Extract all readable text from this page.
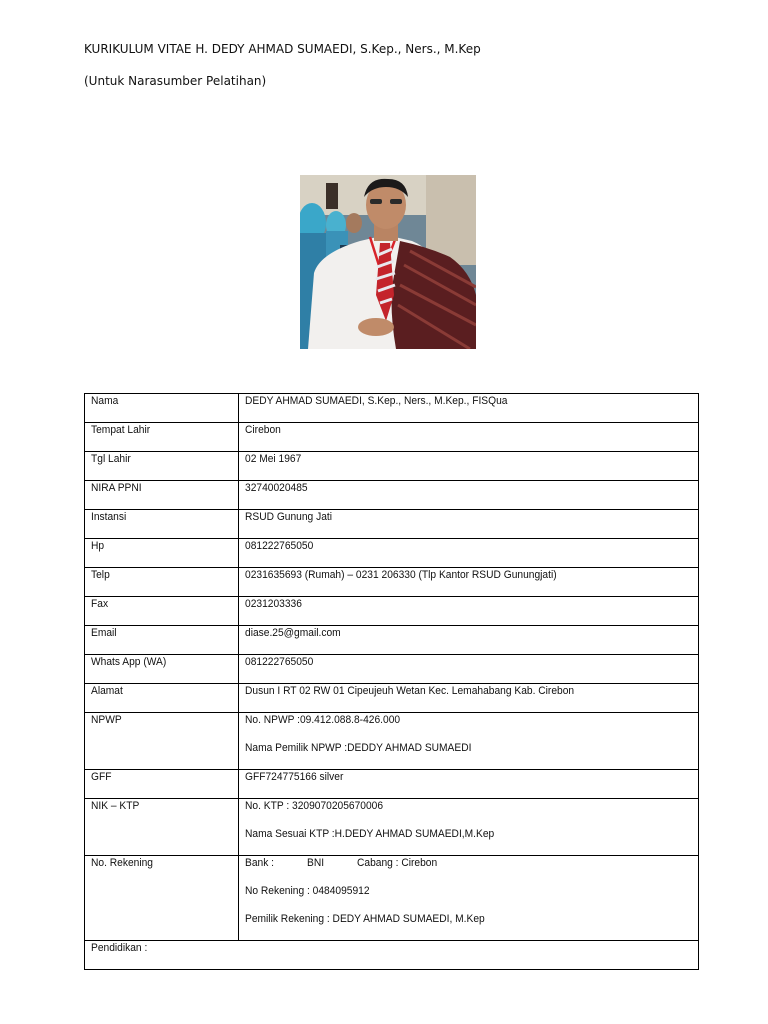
KURIKULUM VITAE H. DEDY AHMAD SUMAEDI, S.Kep., Ners., M.Kep
(Untuk Narasumber Pelatihan)
Nama	DEDY AHMAD SUMAEDI, S.Kep., Ners., M.Kep., FISQua

Tempat Lahir	Cirebon

Tgl Lahir	02 Mei 1967

NIRA PPNI	32740020485

Instansi	RSUD Gunung Jati

Hp	081222765050

Telp	0231635693 (Rumah) – 0231 206330 (Tlp Kantor RSUD Gunungjati)

Fax	0231203336

Email	diase.25@gmail.com

Whats App (WA)	081222765050

Alamat	Dusun I RT 02 RW 01 Cipeujeuh Wetan Kec. Lemahabang Kab. Cirebon

NPWP	No. NPWP :09.412.088.8-426.000
Nama Pemilik NPWP :DEDDY AHMAD SUMAEDI

GFF	GFF724775166 silver

NIK – KTP	No. KTP : 3209070205670006
Nama Sesuai KTP :H.DEDY AHMAD SUMAEDI,M.Kep

No. Rekening	Bank : BNI Cabang : Cirebon
No Rekening : 0484095912
Pemilik Rekening : DEDY AHMAD SUMAEDI, M.Kep

Pendidikan :	
